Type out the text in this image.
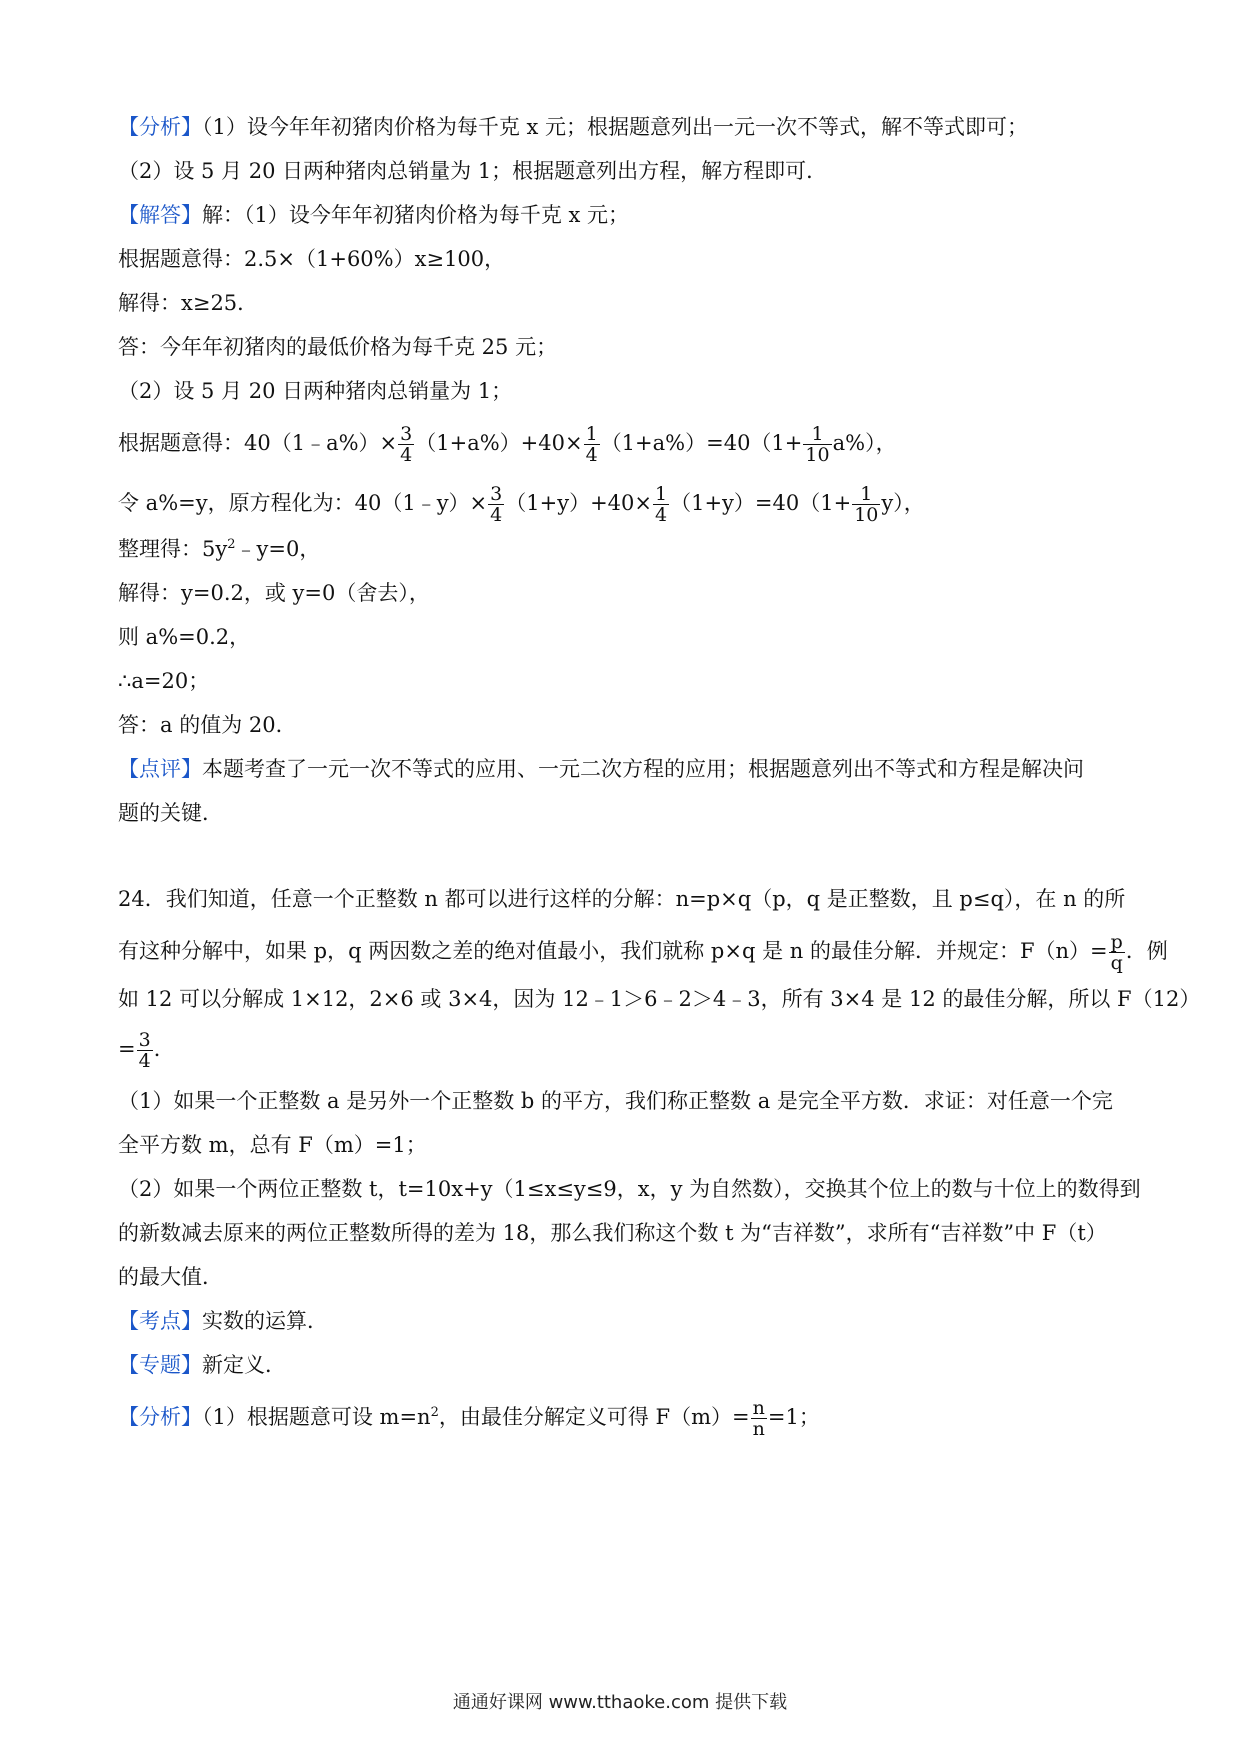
【分析】（1）设今年年初猪肉价格为每千克 x 元；根据题意列出一元一次不等式，解不等式即可；
（2）设 5 月 20 日两种猪肉总销量为 1；根据题意列出方程，解方程即可．
【解答】解：（1）设今年年初猪肉价格为每千克 x 元；
根据题意得：2.5×（1+60%）x≥100，
解得：x≥25．
答：今年年初猪肉的最低价格为每千克 25 元；
（2）设 5 月 20 日两种猪肉总销量为 1；
根据题意得：40（1﹣a%）× $\frac{3}{4} (1+a\%)+40\times \frac{1}{4} (1+a\%)=40(1+ \frac{1}{10} a\%)$，
令 a%=y，原方程化为：40（1﹣y）× $\frac{3}{4} (1+y)+40\times \frac{1}{4} (1+y)=40(1+ \frac{1}{10} y)$，
整理得：$5y^2﹣y=0$，
解得：y=0.2，或 y=0（舍去），
则 a%=0.2，
∴a=20；
答：a 的值为 20．
【点评】本题考查了一元一次不等式的应用、一元二次方程的应用；根据题意列出不等式和方程是解决问
题的关键．
24．我们知道，任意一个正整数 n 都可以进行这样的分解：n=p×q（p，q 是正整数，且 p≤q），在 n 的所
有这种分解中，如果 p，q 两因数之差的绝对值最小，我们就称 p×q 是 n 的最佳分解．并规定：$F(n)= \frac{p}{q}$ ．例
如 12 可以分解成 1×12，2×6 或 3×4，因为 12﹣1＞6﹣2＞4﹣3，所有 3×4 是 12 的最佳分解，所以 F（12）
= $\frac{3}{4}$ ．
（1）如果一个正整数 a 是另外一个正整数 b 的平方，我们称正整数 a 是完全平方数．求证：对任意一个完
全平方数 m，总有 F（m）=1；
（2）如果一个两位正整数 t，t=10x+y（1≤x≤y≤9，x，y 为自然数），交换其个位上的数与十位上的数得到
的新数减去原来的两位正整数所得的差为 18，那么我们称这个数 t 为“吉祥数”，求所有“吉祥数”中 F（t）
的最大值．
【考点】实数的运算．
【专题】新定义．
【分析】（1）根据题意可设 $m=n^2$，由最佳分解定义可得 $F(m)= \frac{n}{n} =1$；
通通好课网 www.tthaoke.com 提供下载
